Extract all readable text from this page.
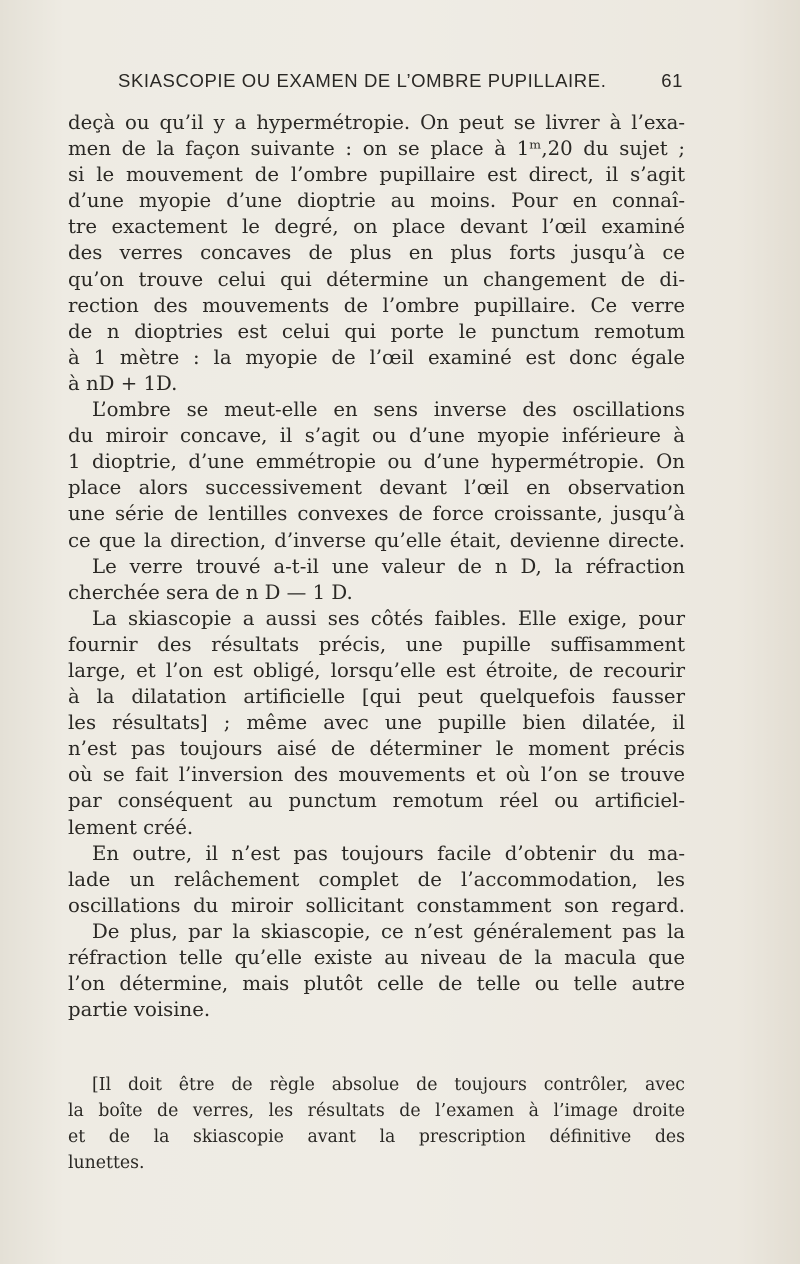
SKIASCOPIE OU EXAMEN DE L’OMBRE PUPILLAIRE.	61
deçà ou qu’il y a hypermétropie. On peut se livrer à l’exa-
men de la façon suivante : on se place à 1ᵐ,20 du sujet ;
si le mouvement de l’ombre pupillaire est direct, il s’agit
d’une myopie d’une dioptrie au moins. Pour en connaî-
tre exactement le degré, on place devant l’œil examiné
des verres concaves de plus en plus forts jusqu’à ce
qu’on trouve celui qui détermine un changement de di-
rection des mouvements de l’ombre pupillaire. Ce verre
de n dioptries est celui qui porte le punctum remotum
à 1 mètre : la myopie de l’œil examiné est donc égale
à nD + 1D.
L’ombre se meut-elle en sens inverse des oscillations
du miroir concave, il s’agit ou d’une myopie inférieure à
1 dioptrie, d’une emmétropie ou d’une hypermétropie. On
place alors successivement devant l’œil en observation
une série de lentilles convexes de force croissante, jusqu’à
ce que la direction, d’inverse qu’elle était, devienne directe.
Le verre trouvé a-t-il une valeur de n D, la réfraction
cherchée sera de n D — 1 D.
La skiascopie a aussi ses côtés faibles. Elle exige, pour
fournir des résultats précis, une pupille suffisamment
large, et l’on est obligé, lorsqu’elle est étroite, de recourir
à la dilatation artificielle [qui peut quelquefois fausser
les résultats] ; même avec une pupille bien dilatée, il
n’est pas toujours aisé de déterminer le moment précis
où se fait l’inversion des mouvements et où l’on se trouve
par conséquent au punctum remotum réel ou artificiel-
lement créé.
En outre, il n’est pas toujours facile d’obtenir du ma-
lade un relâchement complet de l’accommodation, les
oscillations du miroir sollicitant constamment son regard.
De plus, par la skiascopie, ce n’est généralement pas la
réfraction telle qu’elle existe au niveau de la macula que
l’on détermine, mais plutôt celle de telle ou telle autre
partie voisine.
[Il doit être de règle absolue de toujours contrôler, avec
la boîte de verres, les résultats de l’examen à l’image droite
et de la skiascopie avant la prescription définitive des
lunettes.
